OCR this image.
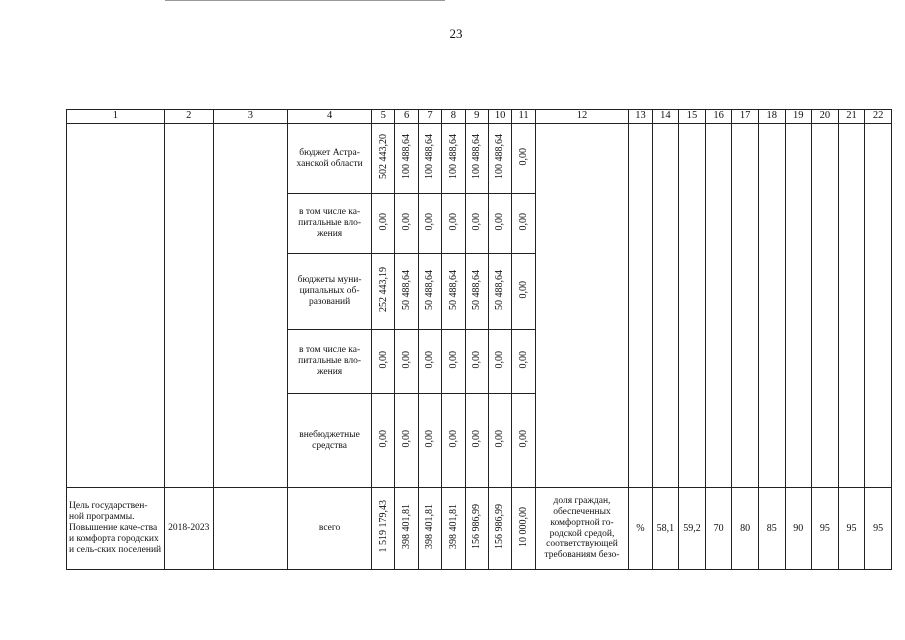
23
1	2	3	4	5	6	7	8	9	10	11	12	13	14	15	16	17	18	19	20	21	22

			бюджет Астра-ханской области	502 443,20	100 488,64	100 488,64	100 488,64	100 488,64	100 488,64	0,00											

			в том числе ка-питальные вло-жения	0,00	0,00	0,00	0,00	0,00	0,00	0,00											

			бюджеты муни-ципальных об-разований	252 443,19	50 488,64	50 488,64	50 488,64	50 488,64	50 488,64	0,00											

			в том числе ка-питальные вло-жения	0,00	0,00	0,00	0,00	0,00	0,00	0,00											

			внебюджетные средства	0,00	0,00	0,00	0,00	0,00	0,00	0,00											

Цель государствен-ной программы. Повышение каче-ства и комфорта городских и сель-ских поселений	2018-2023		всего	1 519 179,43	398 401,81	398 401,81	398 401,81	156 986,99	156 986,99	10 000,00	доля граждан, обеспеченных комфортной го-родской средой, соответствующей требованиям безо-	%	58,1	59,2	70	80	85	90	95	95	95
